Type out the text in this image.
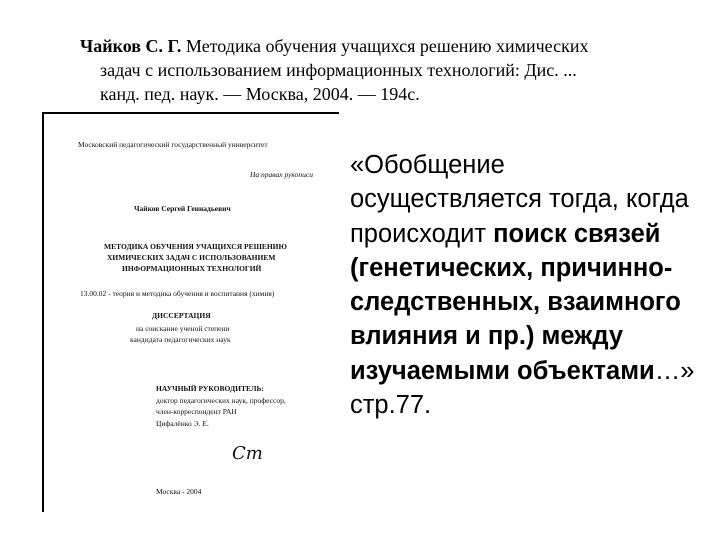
Чайков С. Г. Методика обучения учащихся решению химических
задач с использованием информационных технологий: Дис. ...
канд. пед. наук. — Москва, 2004. — 194с.
Московский педагогический государственный университет
На правах рукописи
Чайков Сергей Геннадьевич
МЕТОДИКА ОБУЧЕНИЯ УЧАЩИХСЯ РЕШЕНИЮ
ХИМИЧЕСКИХ ЗАДАЧ С ИСПОЛЬЗОВАНИЕМ
ИНФОРМАЦИОННЫХ ТЕХНОЛОГИЙ
13.00.02 - теория и методика обучения и воспитания (химия)
ДИССЕРТАЦИЯ
на соискание ученой степени
кандидата педагогических наук
НАУЧНЫЙ РУКОВОДИТЕЛЬ:
доктор педагогических наук, профессор,
член-корреспондент РАН
Цифалёнко Э. Е.
Ст
Москва - 2004
«Обобщение осуществляется тогда, когда происходит поиск связей (генетических, причинно-следственных, взаимного влияния и пр.) между изучаемыми объектами…» стр.77.
